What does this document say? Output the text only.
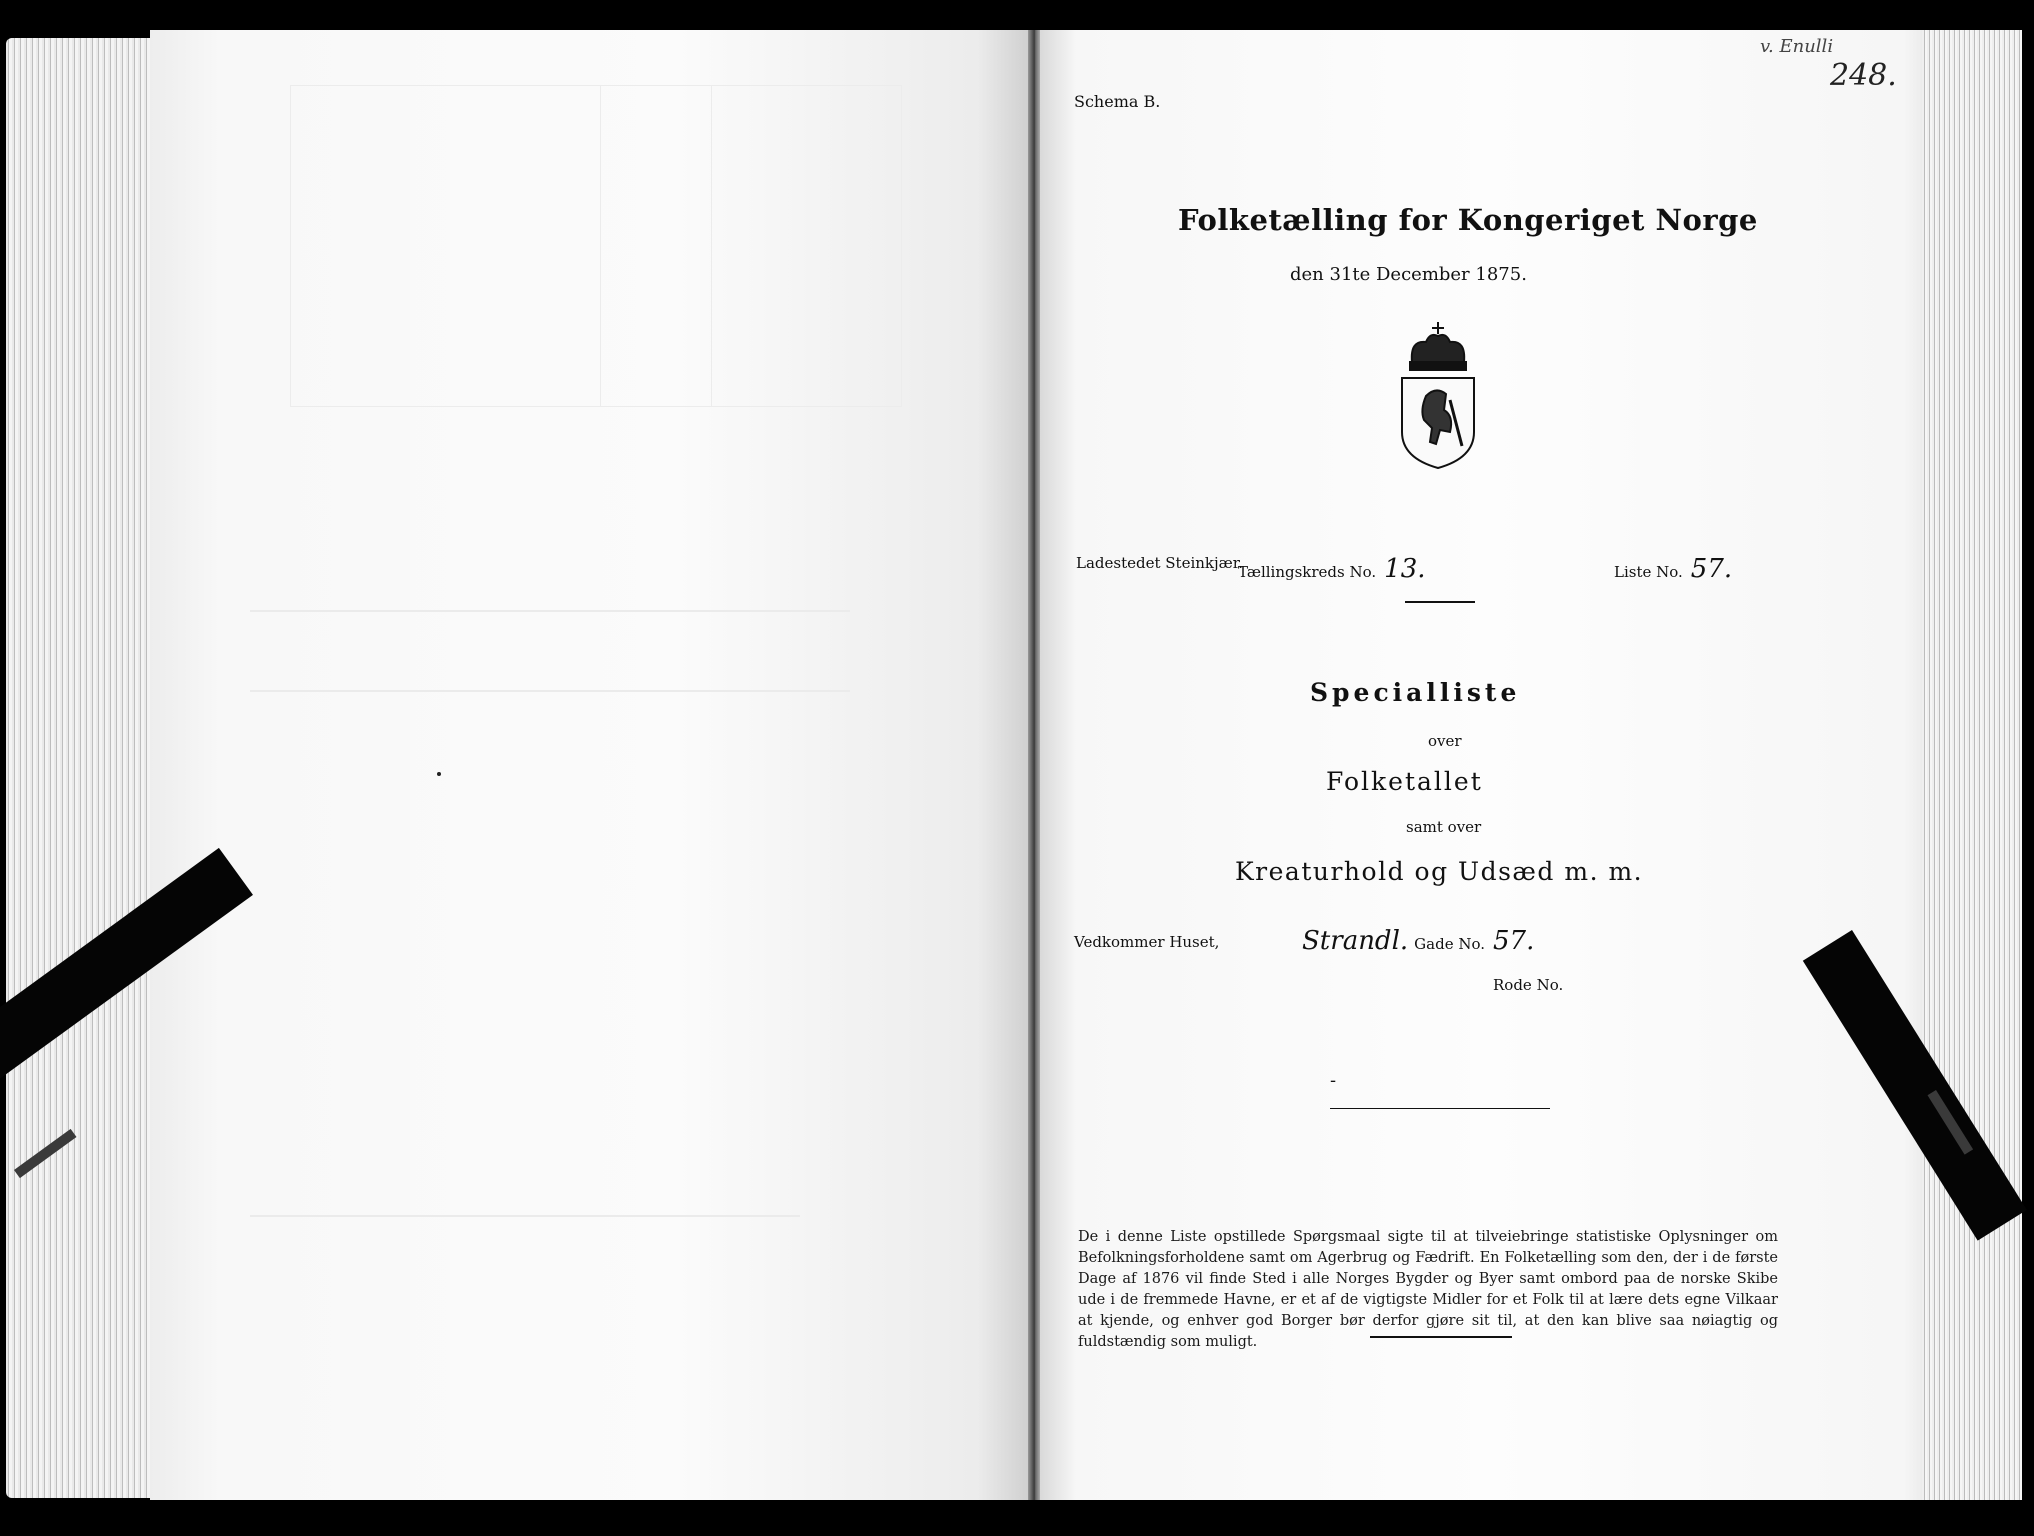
v. Enulli
248.
Schema B.
Folketælling for Kongeriget Norge
den 31te December 1875.
Ladestedet Steinkjær.
Tællingskreds No. 13.	Liste No. 57.
Specialliste
over
Folketallet
samt over
Kreaturhold og Udsæd m. m.
Vedkommer Huset,	Strandl. Gade No. 57.
Rode No.
-
De i denne Liste opstillede Spørgsmaal sigte til at tilveiebringe statistiske Oplysninger om Befolkningsforholdene samt om Agerbrug og Fædrift. En Folketælling som den, der i de første Dage af 1876 vil finde Sted i alle Norges Bygder og Byer samt ombord paa de norske Skibe ude i de fremmede Havne, er et af de vigtigste Midler for et Folk til at lære dets egne Vilkaar at kjende, og enhver god Borger bør derfor gjøre sit til, at den kan blive saa nøiagtig og fuldstændig som muligt.
